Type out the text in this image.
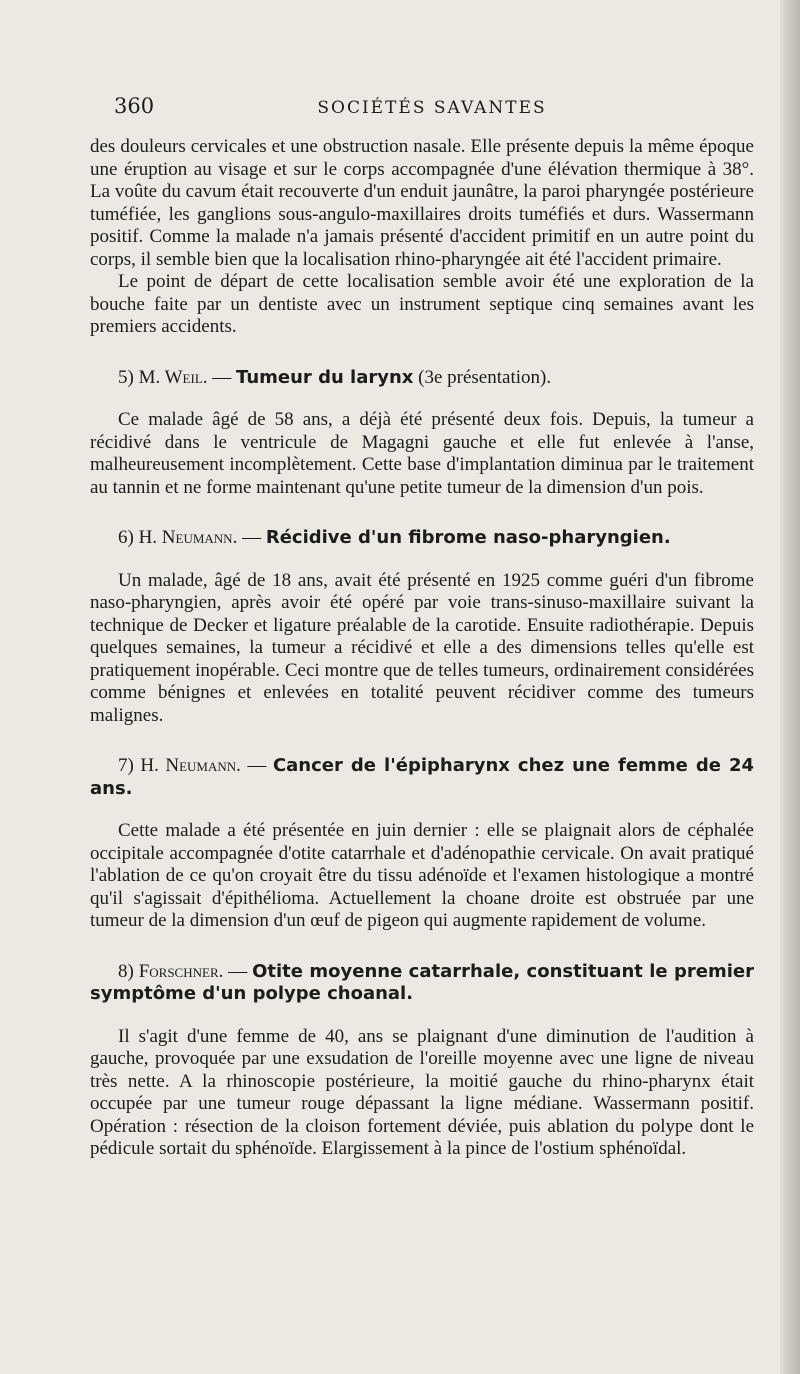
360	SOCIÉTÉS SAVANTES

des douleurs cervicales et une obstruction nasale. Elle présente depuis la même époque une éruption au visage et sur le corps accompagnée d'une élévation thermique à 38°. La voûte du cavum était recouverte d'un enduit jaunâtre, la paroi pharyngée postérieure tuméfiée, les ganglions sous-angulo-maxillaires droits tuméfiés et durs. Wassermann positif. Comme la malade n'a jamais présenté d'accident primitif en un autre point du corps, il semble bien que la localisation rhino-pharyngée ait été l'accident primaire.

Le point de départ de cette localisation semble avoir été une exploration de la bouche faite par un dentiste avec un instrument septique cinq semaines avant les premiers accidents.

5) M. Weil. — Tumeur du larynx (3e présentation).

Ce malade âgé de 58 ans, a déjà été présenté deux fois. Depuis, la tumeur a récidivé dans le ventricule de Magagni gauche et elle fut enlevée à l'anse, malheureusement incomplètement. Cette base d'implantation diminua par le traitement au tannin et ne forme maintenant qu'une petite tumeur de la dimension d'un pois.

6) H. Neumann. — Récidive d'un fibrome naso-pharyngien.

Un malade, âgé de 18 ans, avait été présenté en 1925 comme guéri d'un fibrome naso-pharyngien, après avoir été opéré par voie trans-sinuso-maxillaire suivant la technique de Decker et ligature préalable de la carotide. Ensuite radiothérapie. Depuis quelques semaines, la tumeur a récidivé et elle a des dimensions telles qu'elle est pratiquement inopérable. Ceci montre que de telles tumeurs, ordinairement considérées comme bénignes et enlevées en totalité peuvent récidiver comme des tumeurs malignes.

7) H. Neumann. — Cancer de l'épipharynx chez une femme de 24 ans.

Cette malade a été présentée en juin dernier : elle se plaignait alors de céphalée occipitale accompagnée d'otite catarrhale et d'adénopathie cervicale. On avait pratiqué l'ablation de ce qu'on croyait être du tissu adénoïde et l'examen histologique a montré qu'il s'agissait d'épithélioma. Actuellement la choane droite est obstruée par une tumeur de la dimension d'un œuf de pigeon qui augmente rapidement de volume.

8) Forschner. — Otite moyenne catarrhale, constituant le premier symptôme d'un polype choanal.

Il s'agit d'une femme de 40, ans se plaignant d'une diminution de l'audition à gauche, provoquée par une exsudation de l'oreille moyenne avec une ligne de niveau très nette. A la rhinoscopie postérieure, la moitié gauche du rhino-pharynx était occupée par une tumeur rouge dépassant la ligne médiane. Wassermann positif. Opération : résection de la cloison fortement déviée, puis ablation du polype dont le pédicule sortait du sphénoïde. Elargissement à la pince de l'ostium sphénoïdal.
